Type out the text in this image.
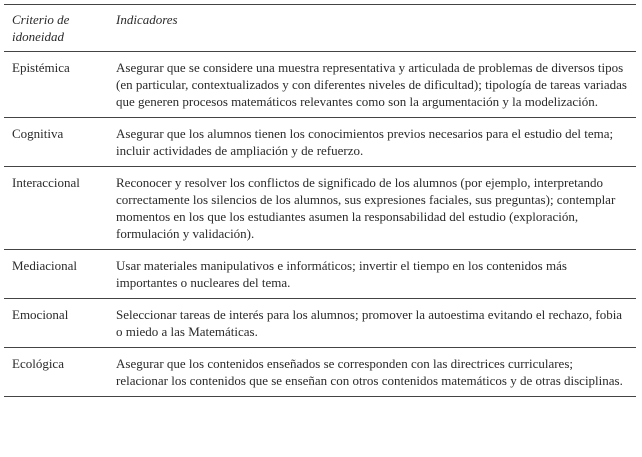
Criterio de idoneidad	Indicadores
Epistémica	Asegurar que se considere una muestra representativa y articulada de problemas de diversos tipos (en particular, contextualizados y con diferentes niveles de dificultad); tipología de tareas variadas que generen procesos matemáticos relevantes como son la argumentación y la modelización.
Cognitiva	Asegurar que los alumnos tienen los conocimientos previos necesarios para el estudio del tema; incluir actividades de ampliación y de refuerzo.
Interaccional	Reconocer y resolver los conflictos de significado de los alumnos (por ejemplo, interpretando correctamente los silencios de los alumnos, sus expresiones faciales, sus preguntas); contemplar momentos en los que los estudiantes asumen la responsabilidad del estudio (exploración, formulación y validación).
Mediacional	Usar materiales manipulativos e informáticos; invertir el tiempo en los contenidos más importantes o nucleares del tema.
Emocional	Seleccionar tareas de interés para los alumnos; promover la autoestima evitando el rechazo, fobia o miedo a las Matemáticas.
Ecológica	Asegurar que los contenidos enseñados se corresponden con las directrices curriculares; relacionar los contenidos que se enseñan con otros contenidos matemáticos y de otras disciplinas.
